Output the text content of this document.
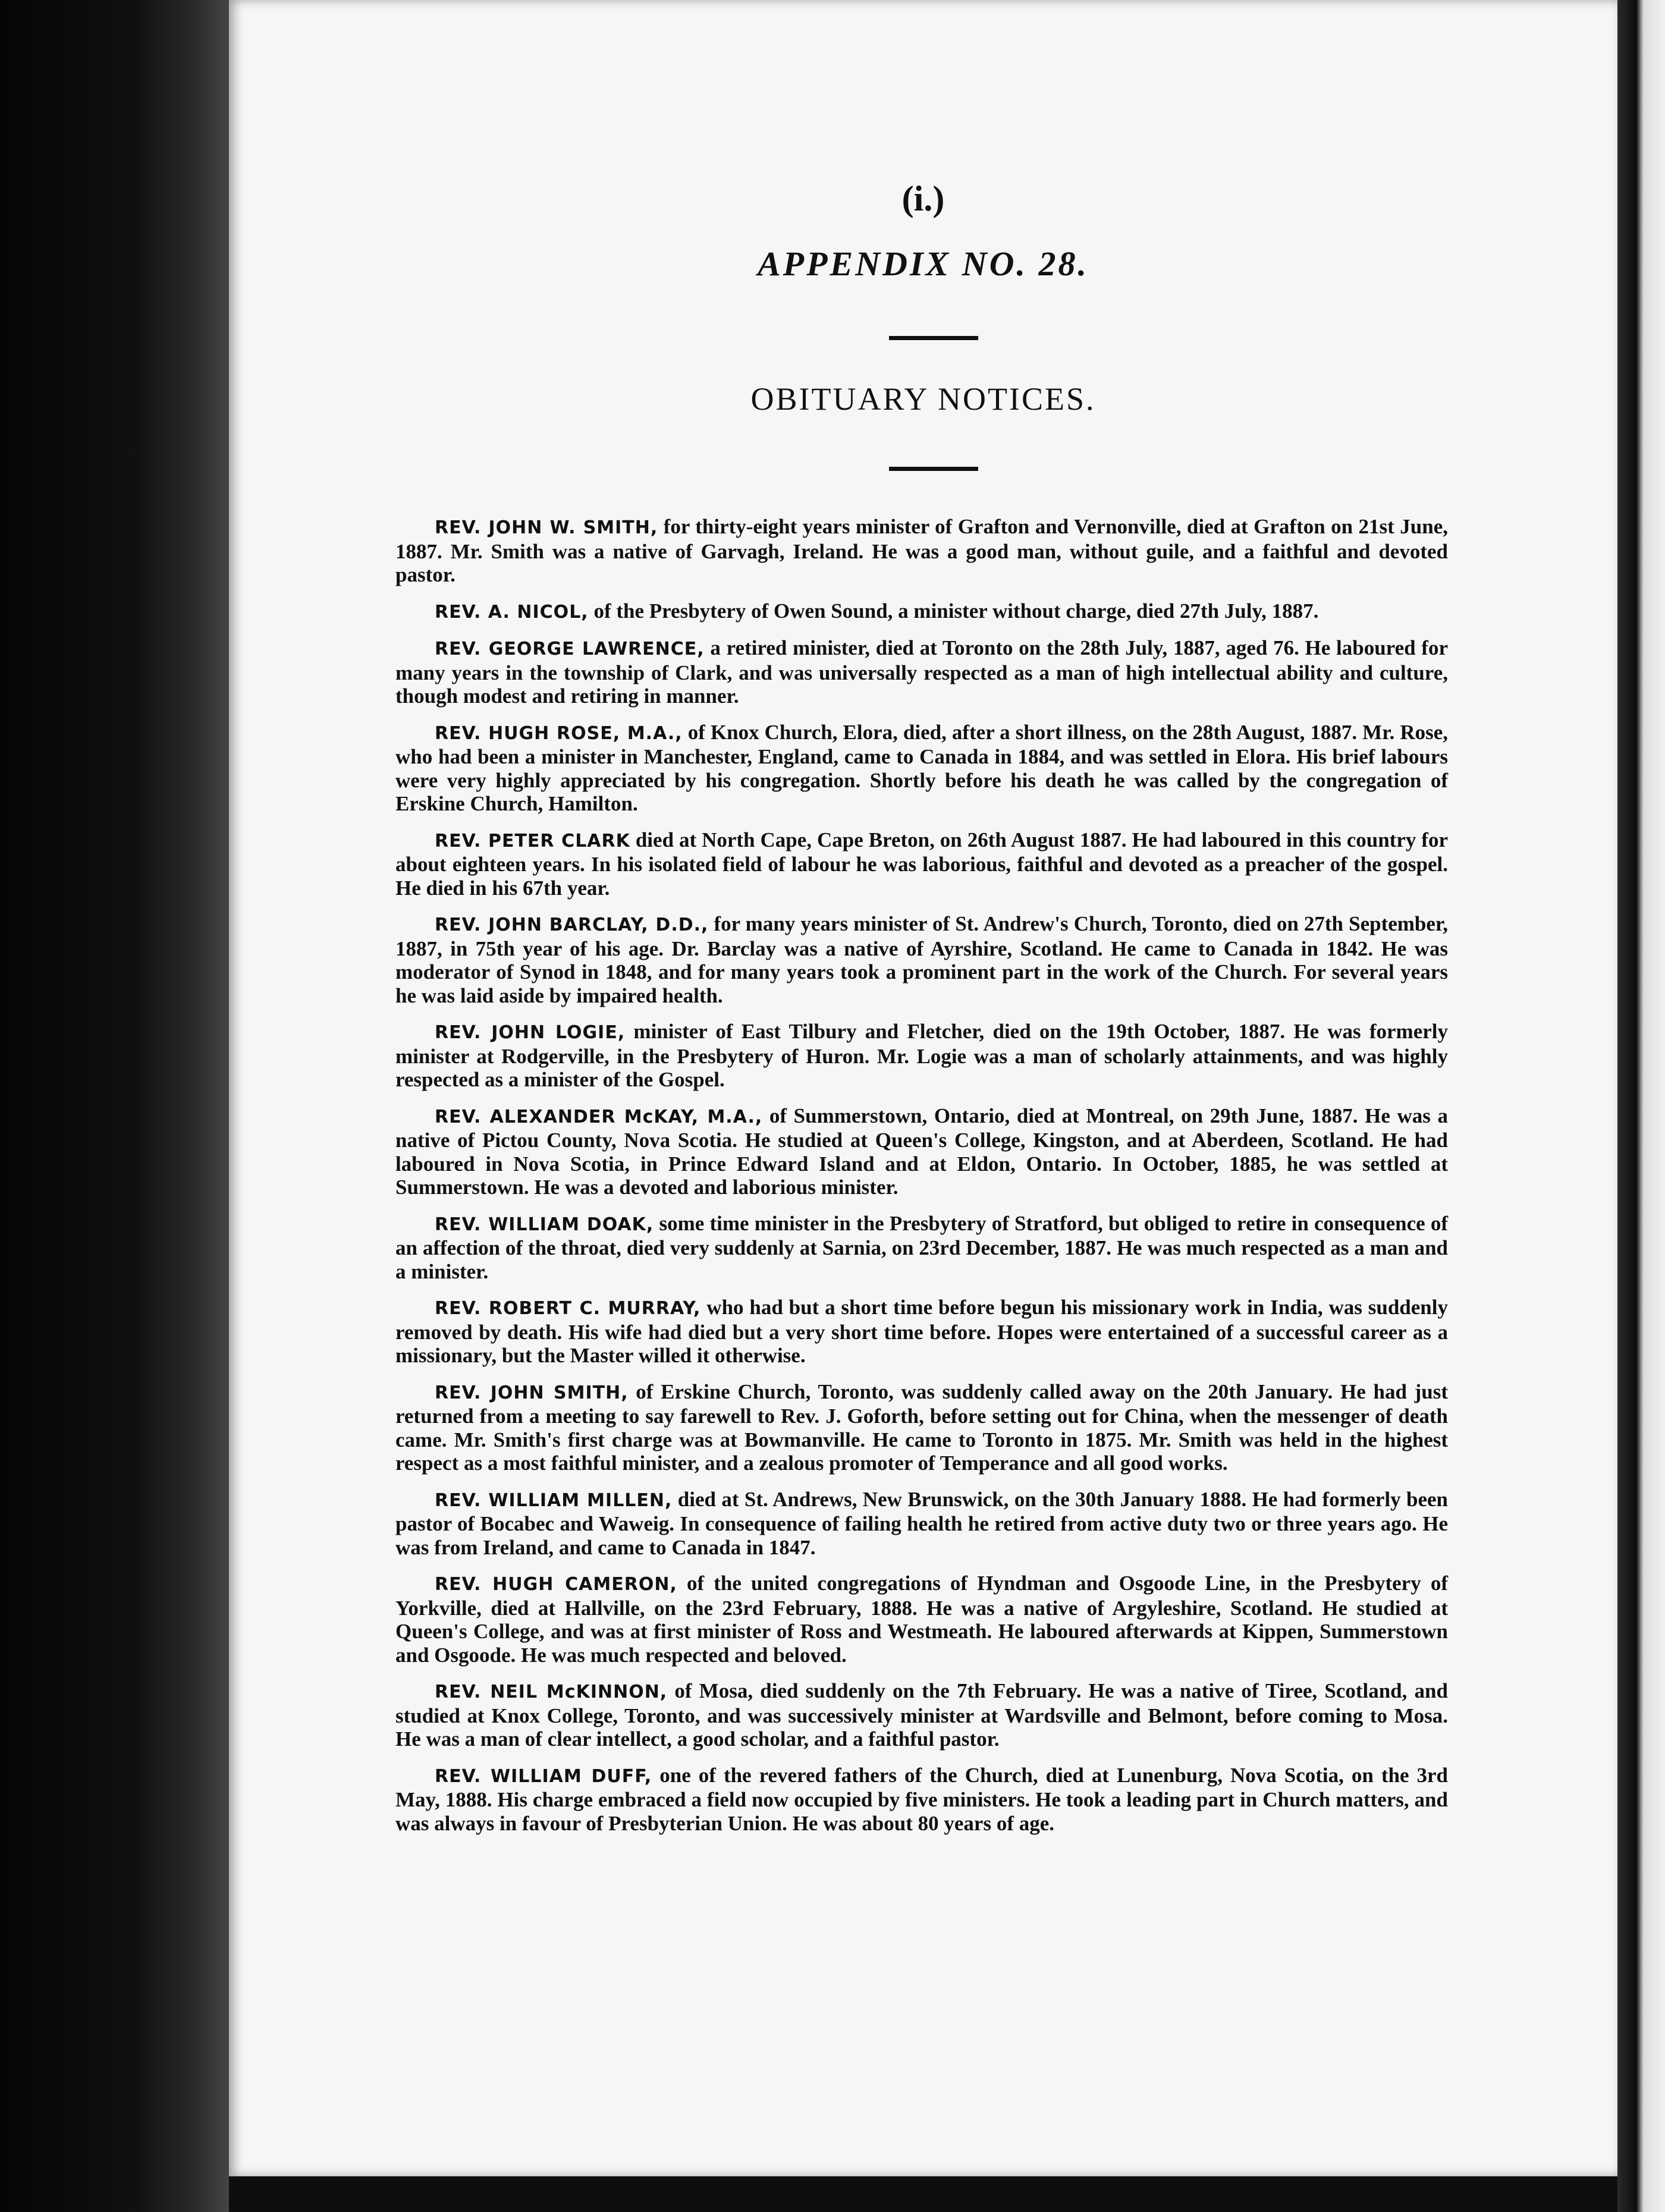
(i.)
APPENDIX NO. 28.
OBITUARY NOTICES.

REV. JOHN W. SMITH, for thirty-eight years minister of Grafton and Vernonville, died at Grafton on 21st June, 1887. Mr. Smith was a native of Garvagh, Ireland. He was a good man, without guile, and a faithful and devoted pastor.

REV. A. NICOL, of the Presbytery of Owen Sound, a minister without charge, died 27th July, 1887.

REV. GEORGE LAWRENCE, a retired minister, died at Toronto on the 28th July, 1887, aged 76. He laboured for many years in the township of Clark, and was universally respected as a man of high intellectual ability and culture, though modest and retiring in manner.

REV. HUGH ROSE, M.A., of Knox Church, Elora, died, after a short illness, on the 28th August, 1887. Mr. Rose, who had been a minister in Manchester, England, came to Canada in 1884, and was settled in Elora. His brief labours were very highly appreciated by his congregation. Shortly before his death he was called by the congregation of Erskine Church, Hamilton.

REV. PETER CLARK died at North Cape, Cape Breton, on 26th August 1887. He had laboured in this country for about eighteen years. In his isolated field of labour he was laborious, faithful and devoted as a preacher of the gospel. He died in his 67th year.

REV. JOHN BARCLAY, D.D., for many years minister of St. Andrew's Church, Toronto, died on 27th September, 1887, in 75th year of his age. Dr. Barclay was a native of Ayrshire, Scotland. He came to Canada in 1842. He was moderator of Synod in 1848, and for many years took a prominent part in the work of the Church. For several years he was laid aside by impaired health.

REV. JOHN LOGIE, minister of East Tilbury and Fletcher, died on the 19th October, 1887. He was formerly minister at Rodgerville, in the Presbytery of Huron. Mr. Logie was a man of scholarly attainments, and was highly respected as a minister of the Gospel.

REV. ALEXANDER McKAY, M.A., of Summerstown, Ontario, died at Montreal, on 29th June, 1887. He was a native of Pictou County, Nova Scotia. He studied at Queen's College, Kingston, and at Aberdeen, Scotland. He had laboured in Nova Scotia, in Prince Edward Island and at Eldon, Ontario. In October, 1885, he was settled at Summerstown. He was a devoted and laborious minister.

REV. WILLIAM DOAK, some time minister in the Presbytery of Stratford, but obliged to retire in consequence of an affection of the throat, died very suddenly at Sarnia, on 23rd December, 1887. He was much respected as a man and a minister.

REV. ROBERT C. MURRAY, who had but a short time before begun his missionary work in India, was suddenly removed by death. His wife had died but a very short time before. Hopes were entertained of a successful career as a missionary, but the Master willed it otherwise.

REV. JOHN SMITH, of Erskine Church, Toronto, was suddenly called away on the 20th January. He had just returned from a meeting to say farewell to Rev. J. Goforth, before setting out for China, when the messenger of death came. Mr. Smith's first charge was at Bowmanville. He came to Toronto in 1875. Mr. Smith was held in the highest respect as a most faithful minister, and a zealous promoter of Temperance and all good works.

REV. WILLIAM MILLEN, died at St. Andrews, New Brunswick, on the 30th January 1888. He had formerly been pastor of Bocabec and Waweig. In consequence of failing health he retired from active duty two or three years ago. He was from Ireland, and came to Canada in 1847.

REV. HUGH CAMERON, of the united congregations of Hyndman and Osgoode Line, in the Presbytery of Yorkville, died at Hallville, on the 23rd February, 1888. He was a native of Argyleshire, Scotland. He studied at Queen's College, and was at first minister of Ross and Westmeath. He laboured afterwards at Kippen, Summerstown and Osgoode. He was much respected and beloved.

REV. NEIL McKINNON, of Mosa, died suddenly on the 7th February. He was a native of Tiree, Scotland, and studied at Knox College, Toronto, and was successively minister at Wardsville and Belmont, before coming to Mosa. He was a man of clear intellect, a good scholar, and a faithful pastor.

REV. WILLIAM DUFF, one of the revered fathers of the Church, died at Lunenburg, Nova Scotia, on the 3rd May, 1888. His charge embraced a field now occupied by five ministers. He took a leading part in Church matters, and was always in favour of Presbyterian Union. He was about 80 years of age.
